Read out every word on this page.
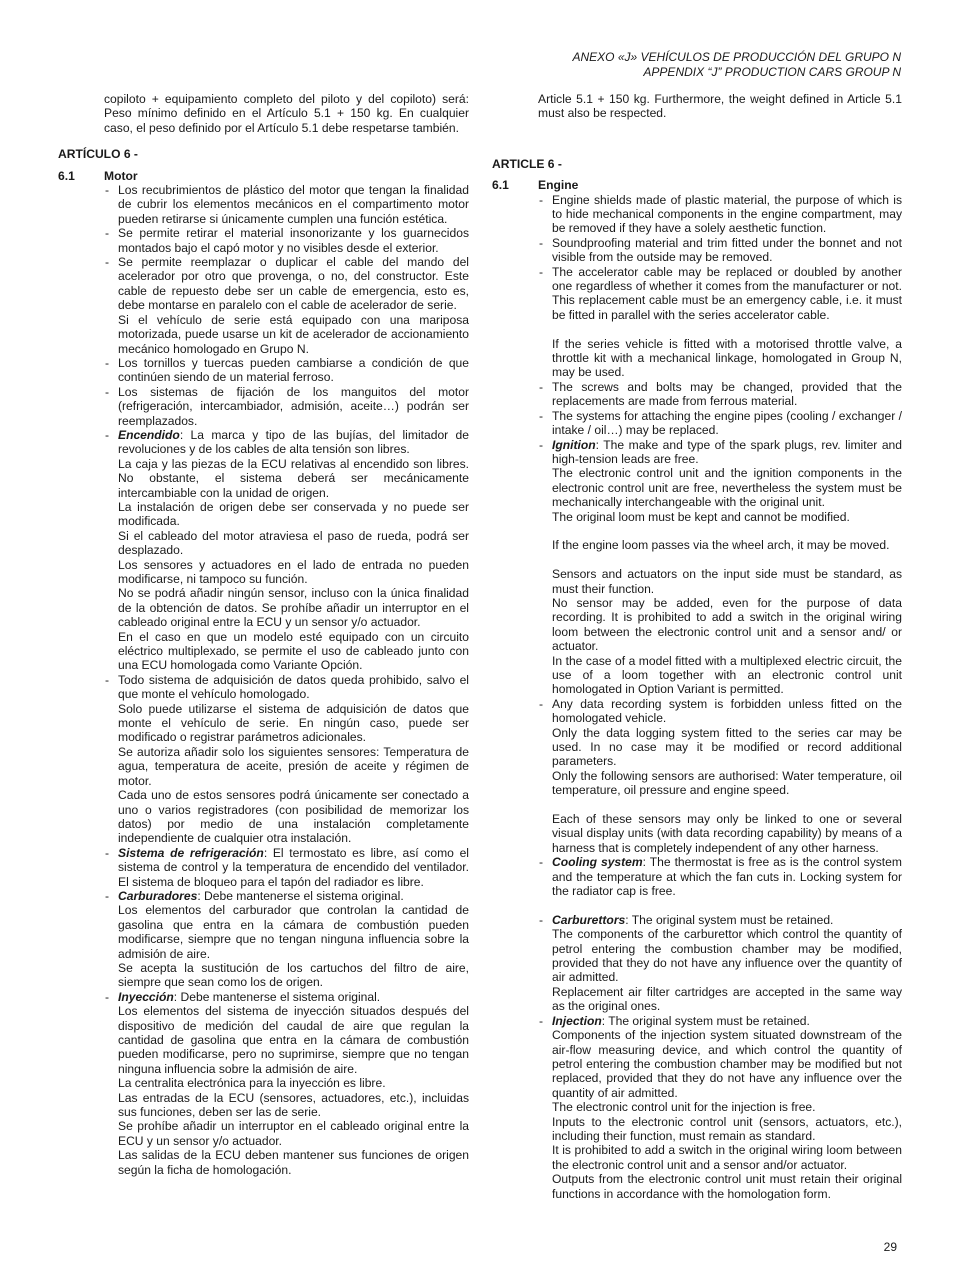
ANEXO «J» VEHÍCULOS DE PRODUCCIÓN DEL GRUPO N
APPENDIX “J” PRODUCTION CARS GROUP N
copiloto + equipamiento completo del piloto y del copiloto) será: Peso mínimo definido en el Artículo 5.1 + 150 kg. En cualquier caso, el peso definido por el Artículo 5.1 debe respetarse también.
ARTÍCULO 6 -
6.1	Motor
- Los recubrimientos de plástico del motor que tengan la finalidad de cubrir los elementos mecánicos en el compartimento motor pueden retirarse si únicamente cumplen una función estética.
- Se permite retirar el material insonorizante y los guarnecidos montados bajo el capó motor y no visibles desde el exterior.
- Se permite reemplazar o duplicar el cable del mando del acelerador por otro que provenga, o no, del constructor. Este cable de repuesto debe ser un cable de emergencia, esto es, debe montarse en paralelo con el cable de acelerador de serie.
Si el vehículo de serie está equipado con una mariposa motorizada, puede usarse un kit de acelerador de accionamiento mecánico homologado en Grupo N.
- Los tornillos y tuercas pueden cambiarse a condición de que continúen siendo de un material ferroso.
- Los sistemas de fijación de los manguitos del motor (refrigeración, intercambiador, admisión, aceite…) podrán ser reemplazados.
- Encendido: La marca y tipo de las bujías, del limitador de revoluciones y de los cables de alta tensión son libres.
La caja y las piezas de la ECU relativas al encendido son libres. No obstante, el sistema deberá ser mecánicamente intercambiable con la unidad de origen.
La instalación de origen debe ser conservada y no puede ser modificada.
Si el cableado del motor atraviesa el paso de rueda, podrá ser desplazado.
Los sensores y actuadores en el lado de entrada no pueden modificarse, ni tampoco su función.
No se podrá añadir ningún sensor, incluso con la única finalidad de la obtención de datos. Se prohíbe añadir un interruptor en el cableado original entre la ECU y un sensor y/o actuador.
En el caso en que un modelo esté equipado con un circuito eléctrico multiplexado, se permite el uso de cableado junto con una ECU homologada como Variante Opción.
- Todo sistema de adquisición de datos queda prohibido, salvo el que monte el vehículo homologado.
Solo puede utilizarse el sistema de adquisición de datos que monte el vehículo de serie. En ningún caso, puede ser modificado o registrar parámetros adicionales.
Se autoriza añadir solo los siguientes sensores: Temperatura de agua, temperatura de aceite, presión de aceite y régimen de motor.
Cada uno de estos sensores podrá únicamente ser conectado a uno o varios registradores (con posibilidad de memorizar los datos) por medio de una instalación completamente independiente de cualquier otra instalación.
- Sistema de refrigeración: El termostato es libre, así como el sistema de control y la temperatura de encendido del ventilador. El sistema de bloqueo para el tapón del radiador es libre.
- Carburadores: Debe mantenerse el sistema original.
Los elementos del carburador que controlan la cantidad de gasolina que entra en la cámara de combustión pueden modificarse, siempre que no tengan ninguna influencia sobre la admisión de aire.
Se acepta la sustitución de los cartuchos del filtro de aire, siempre que sean como los de origen.
- Inyección: Debe mantenerse el sistema original.
Los elementos del sistema de inyección situados después del dispositivo de medición del caudal de aire que regulan la cantidad de gasolina que entra en la cámara de combustión pueden modificarse, pero no suprimirse, siempre que no tengan ninguna influencia sobre la admisión de aire.
La centralita electrónica para la inyección es libre.
Las entradas de la ECU (sensores, actuadores, etc.), incluidas sus funciones, deben ser las de serie.
Se prohíbe añadir un interruptor en el cableado original entre la ECU y un sensor y/o actuador.
Las salidas de la ECU deben mantener sus funciones de origen según la ficha de homologación.
Article 5.1 + 150 kg. Furthermore, the weight defined in Article 5.1 must also be respected.
ARTICLE 6 -
6.1	Engine
- Engine shields made of plastic material, the purpose of which is to hide mechanical components in the engine compartment, may be removed if they have a solely aesthetic function.
- Soundproofing material and trim fitted under the bonnet and not visible from the outside may be removed.
- The accelerator cable may be replaced or doubled by another one regardless of whether it comes from the manufacturer or not. This replacement cable must be an emergency cable, i.e. it must be fitted in parallel with the series accelerator cable.
If the series vehicle is fitted with a motorised throttle valve, a throttle kit with a mechanical linkage, homologated in Group N, may be used.
- The screws and bolts may be changed, provided that the replacements are made from ferrous material.
- The systems for attaching the engine pipes (cooling / exchanger / intake / oil…) may be replaced.
- Ignition: The make and type of the spark plugs, rev. limiter and high-tension leads are free.
The electronic control unit and the ignition components in the electronic control unit are free, nevertheless the system must be mechanically interchangeable with the original unit.
The original loom must be kept and cannot be modified.
If the engine loom passes via the wheel arch, it may be moved.
Sensors and actuators on the input side must be standard, as must their function.
No sensor may be added, even for the purpose of data recording. It is prohibited to add a switch in the original wiring loom between the electronic control unit and a sensor and/ or actuator.
In the case of a model fitted with a multiplexed electric circuit, the use of a loom together with an electronic control unit homologated in Option Variant is permitted.
- Any data recording system is forbidden unless fitted on the homologated vehicle.
Only the data logging system fitted to the series car may be used. In no case may it be modified or record additional parameters.
Only the following sensors are authorised: Water temperature, oil temperature, oil pressure and engine speed.
Each of these sensors may only be linked to one or several visual display units (with data recording capability) by means of a harness that is completely independent of any other harness.
- Cooling system: The thermostat is free as is the control system and the temperature at which the fan cuts in. Locking system for the radiator cap is free.
- Carburettors: The original system must be retained.
The components of the carburettor which control the quantity of petrol entering the combustion chamber may be modified, provided that they do not have any influence over the quantity of air admitted.
Replacement air filter cartridges are accepted in the same way as the original ones.
- Injection: The original system must be retained.
Components of the injection system situated downstream of the air-flow measuring device, and which control the quantity of petrol entering the combustion chamber may be modified but not replaced, provided that they do not have any influence over the quantity of air admitted.
The electronic control unit for the injection is free.
Inputs to the electronic control unit (sensors, actuators, etc.), including their function, must remain as standard.
It is prohibited to add a switch in the original wiring loom between the electronic control unit and a sensor and/or actuator.
Outputs from the electronic control unit must retain their original functions in accordance with the homologation form.
29
